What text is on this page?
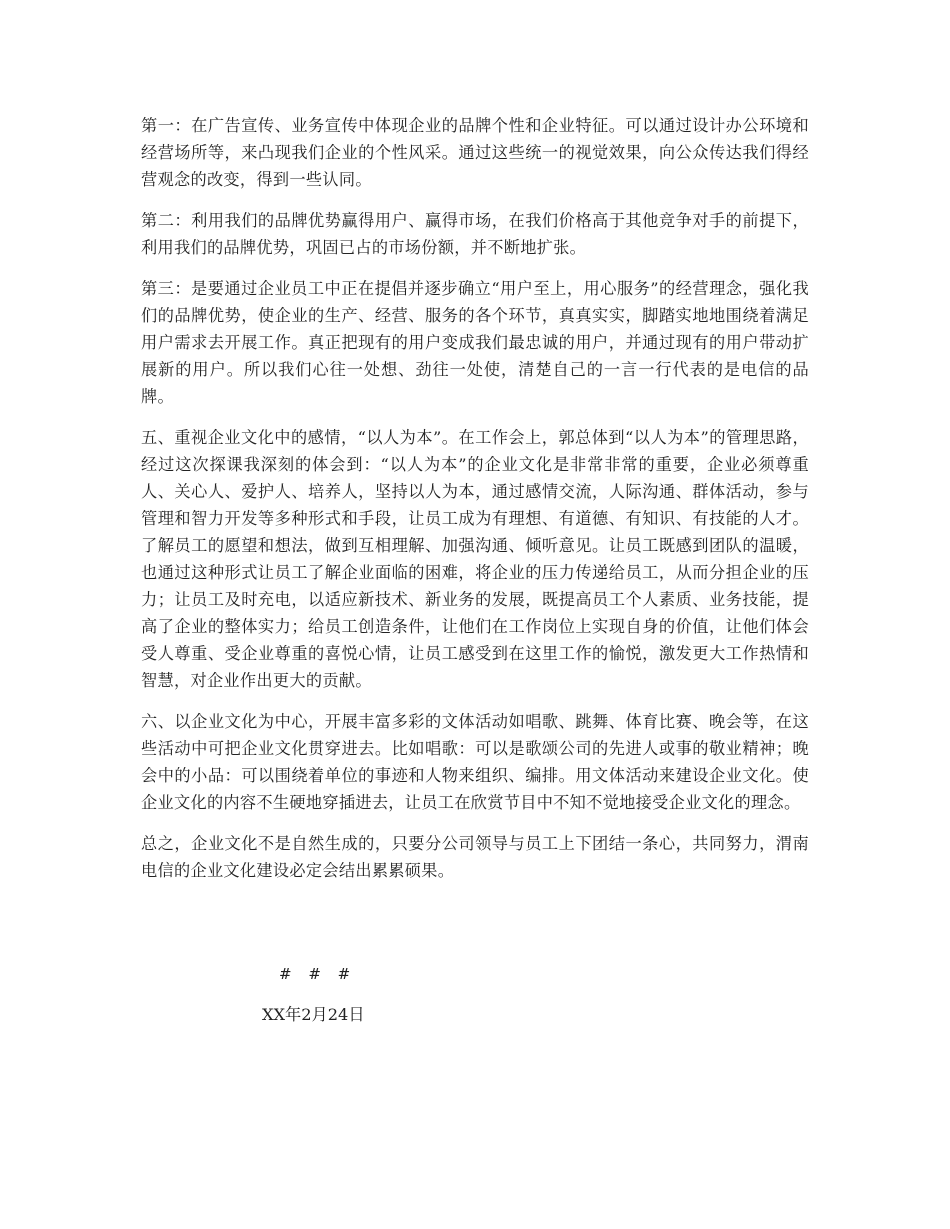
第一：在广告宣传、业务宣传中体现企业的品牌个性和企业特征。可以通过设计办公环境和经营场所等，来凸现我们企业的个性风采。通过这些统一的视觉效果，向公众传达我们得经营观念的改变，得到一些认同。

第二：利用我们的品牌优势赢得用户、赢得市场，在我们价格高于其他竞争对手的前提下，利用我们的品牌优势，巩固已占的市场份额，并不断地扩张。

第三：是要通过企业员工中正在提倡并逐步确立“用户至上，用心服务”的经营理念，强化我们的品牌优势，使企业的生产、经营、服务的各个环节，真真实实，脚踏实地地围绕着满足用户需求去开展工作。真正把现有的用户变成我们最忠诚的用户，并通过现有的用户带动扩展新的用户。所以我们心往一处想、劲往一处使，清楚自己的一言一行代表的是电信的品牌。

五、重视企业文化中的感情，“以人为本”。在工作会上，郭总体到“以人为本”的管理思路，经过这次探课我深刻的体会到：“以人为本”的企业文化是非常非常的重要，企业必须尊重人、关心人、爱护人、培养人，坚持以人为本，通过感情交流，人际沟通、群体活动，参与管理和智力开发等多种形式和手段，让员工成为有理想、有道德、有知识、有技能的人才。了解员工的愿望和想法，做到互相理解、加强沟通、倾听意见。让员工既感到团队的温暖，也通过这种形式让员工了解企业面临的困难，将企业的压力传递给员工，从而分担企业的压力；让员工及时充电，以适应新技术、新业务的发展，既提高员工个人素质、业务技能，提高了企业的整体实力；给员工创造条件，让他们在工作岗位上实现自身的价值，让他们体会受人尊重、受企业尊重的喜悦心情，让员工感受到在这里工作的愉悦，激发更大工作热情和智慧，对企业作出更大的贡献。

六、以企业文化为中心，开展丰富多彩的文体活动如唱歌、跳舞、体育比赛、晚会等，在这些活动中可把企业文化贯穿进去。比如唱歌：可以是歌颂公司的先进人或事的敬业精神；晚会中的小品：可以围绕着单位的事迹和人物来组织、编排。用文体活动来建设企业文化。使企业文化的内容不生硬地穿插进去，让员工在欣赏节目中不知不觉地接受企业文化的理念。

总之，企业文化不是自然生成的，只要分公司领导与员工上下团结一条心，共同努力，渭南电信的企业文化建设必定会结出累累硕果。

# # #
XX年2月24日
